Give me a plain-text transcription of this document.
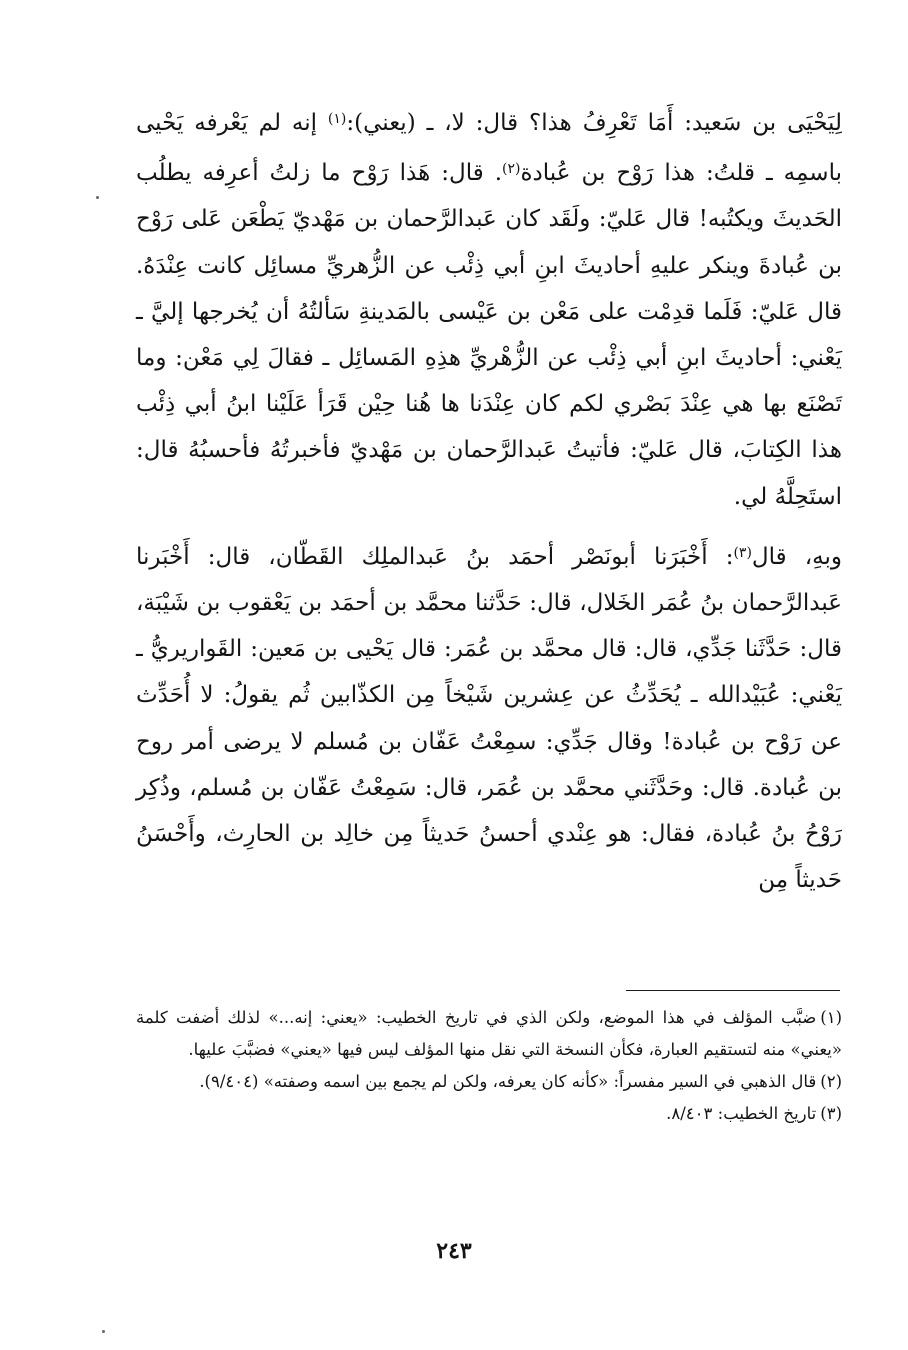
لِيَحْيَى بن سَعيد: أَمَا تَعْرِفُ هذا؟ قال: لا، ـ (يعني):$^{(١)}$ إنه لم يَعْرفه يَحْيى باسمِه ـ قلتُ: هذا رَوْح بن عُبادة$^{(٢)}$. قال: هَذا رَوْح ما زلتُ أعرِفه يطلُب الحَديثَ ويكتُبه! قال عَليّ: ولَقَد كان عَبدالرَّحمان بن مَهْديّ يَطْعَن عَلى رَوْح بن عُبادةَ وينكر عليهِ أحاديثَ ابنِ أبي ذِئْب عن الزُّهريِّ مسائِل كانت عِنْدَهُ. قال عَليّ: فَلَما قدِمْت على مَعْن بن عَيْسى بالمَدينةِ سَألتُهُ أن يُخرجها إليَّ ـ يَعْني: أحاديثَ ابنِ أبي ذِئْب عن الزُّهْريِّ هذِهِ المَسائِل ـ فقالَ لِي مَعْن: وما تَصْنَع بها هي عِنْدَ بَصْري لكم كان عِنْدَنا ها هُنا حِيْن قَرَأ عَلَيْنا ابنُ أبي ذِئْب هذا الكِتابَ، قال عَليّ: فأتيتُ عَبدالرَّحمان بن مَهْديّ فأخبرتُهُ فأحسبُهُ قال: استَحِلَّهُ لي.

وبهِ، قال$^{(٣)}$: أَخْبَرَنا أبونَصْر أحمَد بنُ عَبدالملِك القَطّان، قال: أَخْبَرنا عَبدالرَّحمان بنُ عُمَر الخَلال، قال: حَدَّثنا محمَّد بن أحمَد بن يَعْقوب بن شَيْبَة، قال: حَدَّثَنا جَدِّي، قال: قال محمَّد بن عُمَر: قال يَحْيى بن مَعين: القَواريريُّ ـ يَعْني: عُبَيْدالله ـ يُحَدِّثُ عن عِشرين شَيْخاً مِن الكذّابين ثُم يقولُ: لا أُحَدِّث عن رَوْح بن عُبادة! وقال جَدِّي: سمِعْتُ عَفّان بن مُسلم لا يرضى أمر روح بن عُبادة. قال: وحَدَّثَني محمَّد بن عُمَر، قال: سَمِعْتُ عَفّان بن مُسلم، وذُكِر رَوْحُ بنُ عُبادة، فقال: هو عِنْدي أحسنُ حَديثاً مِن خالِد بن الحارِث، وأَحْسَنُ حَديثاً مِن

(١)ضبَّب المؤلف في هذا الموضع، ولكن الذي في تاريخ الخطيب: «يعني: إنه...» لذلك أضفت كلمة «يعني» منه لتستقيم العبارة، فكأن النسخة التي نقل منها المؤلف ليس فيها «يعني» فضبَّبَ عليها.

(٢)قال الذهبي في السير مفسراً: «كأنه كان يعرفه، ولكن لم يجمع بين اسمه وصفته» (٩/٤٠٤).

(٣)تاريخ الخطيب: ٨/٤٠٣.

٢٤٣
